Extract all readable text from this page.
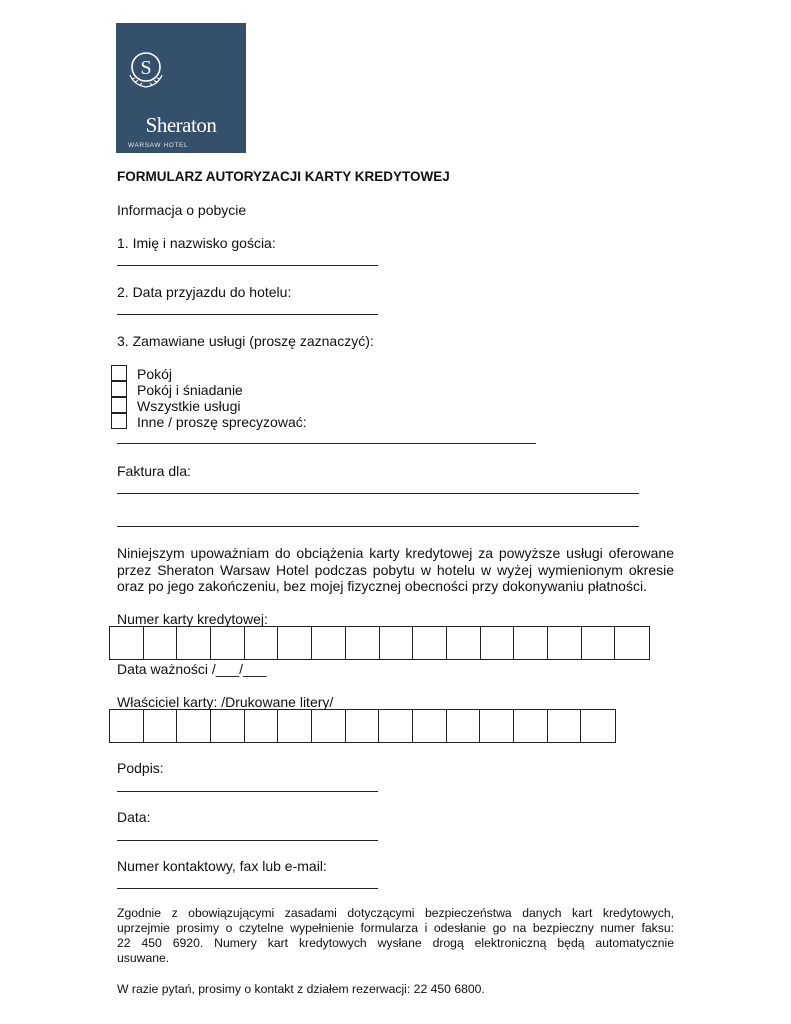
S
Sheraton
WARSAW HOTEL
FORMULARZ AUTORYZACJI KARTY KREDYTOWEJ
Informacja o pobycie
1. Imię i nazwisko gościa:
2. Data przyjazdu do hotelu:
3. Zamawiane usługi (proszę zaznaczyć):
Pokój
Pokój i śniadanie
Wszystkie usługi
Inne / proszę sprecyzować:
Faktura dla:
Niniejszym upoważniam do obciążenia karty kredytowej za powyższe usługi oferowane
przez Sheraton Warsaw Hotel podczas pobytu w hotelu w wyżej wymienionym okresie
oraz po jego zakończeniu, bez mojej fizycznej obecności przy dokonywaniu płatności.
Numer karty kredytowej:
Data ważności /___/___
Właściciel karty: /Drukowane litery/
Podpis:
Data:
Numer kontaktowy, fax lub e-mail:
Zgodnie z obowiązującymi zasadami dotyczącymi bezpieczeństwa danych kart kredytowych,
uprzejmie prosimy o czytelne wypełnienie formularza i odesłanie go na bezpieczny numer faksu:
22 450 6920. Numery kart kredytowych wysłane drogą elektroniczną będą automatycznie
usuwane.
W razie pytań, prosimy o kontakt z działem rezerwacji: 22 450 6800.
